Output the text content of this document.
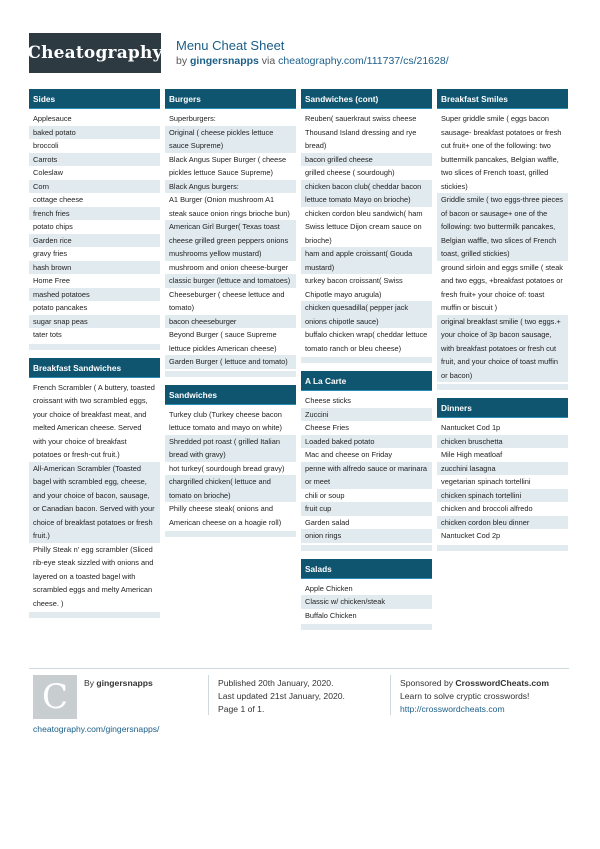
Cheatography Menu Cheat Sheet
by gingersnapps via cheatography.com/111737/cs/21628/
Sides
Applesauce
baked potato
broccoli
Carrots
Coleslaw
Corn
cottage cheese
french fries
potato chips
Garden rice
gravy fries
hash brown
Home Free
mashed potatoes
potato pancakes
sugar snap peas
tater tots
Breakfast Sandwiches
French Scrambler ( A buttery, toasted croissant with two scrambled eggs, your choice of breakfast meat, and melted American cheese. Served with your choice of breakfast potatoes or fresh-cut fruit.)
All-American Scrambler (Toasted bagel with scrambled egg, cheese, and your choice of bacon, sausage, or Canadian bacon. Served with your choice of breakfast potatoes or fresh fruit.)
Philly Steak n' egg scrambler (Sliced rib-eye steak sizzled with onions and layered on a toasted bagel with scrambled eggs and melty American cheese. )
Burgers
Superburgers:
Original ( cheese pickles lettuce sauce Supreme)
Black Angus Super Burger ( cheese pickles lettuce Sauce Supreme)
Black Angus burgers:
A1 Burger (Onion mushroom A1 steak sauce onion rings brioche bun)
American Girl Burger( Texas toast cheese grilled green peppers onions mushrooms yellow mustard)
mushroom and onion cheese-burger
classic burger (lettuce and tomatoes)
Cheeseburger ( cheese lettuce and tomato)
bacon cheeseburger
Beyond Burger ( sauce Supreme lettuce pickles American cheese)
Garden Burger ( lettuce and tomato)
Sandwiches
Turkey club (Turkey cheese bacon lettuce tomato and mayo on white)
Shredded pot roast ( grilled Italian bread with gravy)
hot turkey( sourdough bread gravy)
chargrilled chicken( lettuce and tomato on brioche)
Philly cheese steak( onions and American cheese on a hoagie roll)
Sandwiches (cont)
Reuben( sauerkraut swiss cheese Thousand Island dressing and rye bread)
bacon grilled cheese
grilled cheese ( sourdough)
chicken bacon club( cheddar bacon lettuce tomato Mayo on brioche)
chicken cordon bleu sandwich( ham Swiss lettuce Dijon cream sauce on brioche)
ham and apple croissant( Gouda mustard)
turkey bacon croissant( Swiss Chipotle mayo arugula)
chicken quesadilla( pepper jack onions chipotle sauce)
buffalo chicken wrap( cheddar lettuce tomato ranch or bleu cheese)
A La Carte
Cheese sticks
Zuccini
Cheese Fries
Loaded baked potato
Mac and cheese on Friday
penne with alfredo sauce or marinara or meet
chili or soup
fruit cup
Garden salad
onion rings
Salads
Apple Chicken
Classic w/ chicken/steak
Buffalo Chicken
Breakfast Smiles
Super griddle smile ( eggs bacon sausage- breakfast potatoes or fresh cut fruit+ one of the following: two buttermilk pancakes, Belgian waffle, two slices of French toast, grilled stickies)
Griddle smile ( two eggs-three pieces of bacon or sausage+ one of the following: two buttermilk pancakes, Belgian waffle, two slices of French toast, grilled stickies)
ground sirloin and eggs smille ( steak and two eggs, +breakfast potatoes or fresh fruit+ your choice of: toast muffin or biscuit )
original breakfast smilie ( two eggs.+ your choice of 3p bacon sausage, with breakfast potatoes or fresh cut fruit, and your choice of toast muffin or bacon)
Dinners
Nantucket Cod 1p
chicken bruschetta
Mile High meatloaf
zucchini lasagna
vegetarian spinach tortellini
chicken spinach tortellini
chicken and broccoli alfredo
chicken cordon bleu dinner
Nantucket Cod 2p
C	By gingersnapps
cheatography.com/gingersnapps/
Published 20th January, 2020.
Last updated 21st January, 2020.
Page 1 of 1.
Sponsored by CrosswordCheats.com
Learn to solve cryptic crosswords!
http://crosswordcheats.com
